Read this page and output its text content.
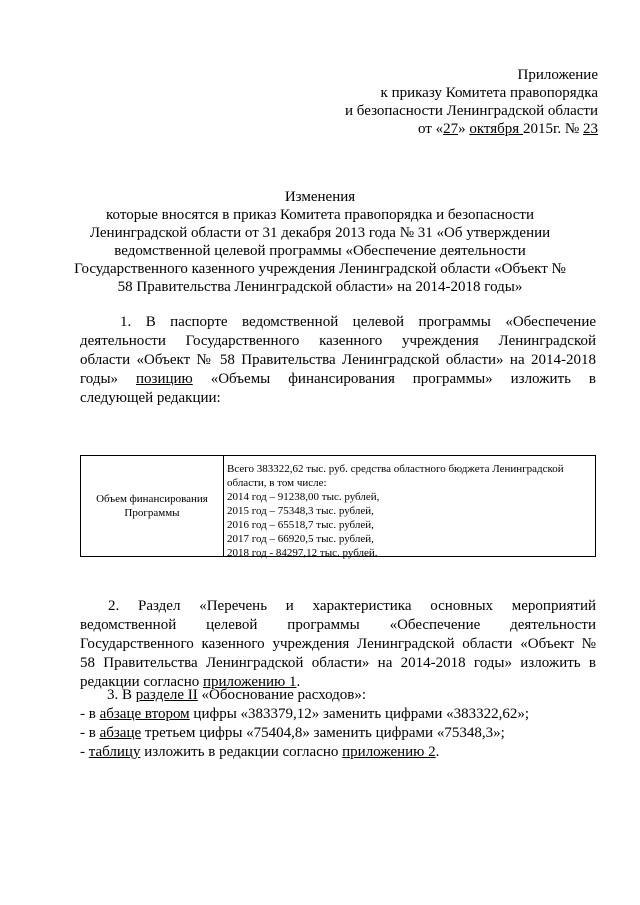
Приложение
к приказу Комитета правопорядка
и безопасности Ленинградской области
от «27» октября 2015г. № 23
Изменения
которые вносятся в приказ Комитета правопорядка и безопасности
Ленинградской области от 31 декабря 2013 года № 31 «Об утверждении
ведомственной целевой программы «Обеспечение деятельности
Государственного казенного учреждения Ленинградской области «Объект №
58 Правительства Ленинградской области» на 2014-2018 годы»
1. В паспорте ведомственной целевой программы «Обеспечение
деятельности Государственного казенного учреждения Ленинградской
области «Объект № 58 Правительства Ленинградской области» на 2014-2018
годы» позицию «Объемы финансирования программы» изложить в
следующей редакции:
Объем финансирования
Программы
Всего 383322,62 тыс. руб. средства областного бюджета Ленинградской
области, в том числе:
2014 год – 91238,00 тыс. рублей,
2015 год – 75348,3 тыс. рублей,
2016 год – 65518,7 тыс. рублей,
2017 год – 66920,5 тыс. рублей,
2018 год - 84297,12 тыс. рублей.
2. Раздел «Перечень и характеристика основных мероприятий
ведомственной целевой программы «Обеспечение деятельности
Государственного казенного учреждения Ленинградской области «Объект №
58 Правительства Ленинградской области» на 2014-2018 годы» изложить в
редакции согласно приложению 1.
3. В разделе II «Обоснование расходов»:
- в абзаце втором цифры «383379,12» заменить цифрами «383322,62»;
- в абзаце третьем цифры «75404,8» заменить цифрами «75348,3»;
- таблицу изложить в редакции согласно приложению 2.
